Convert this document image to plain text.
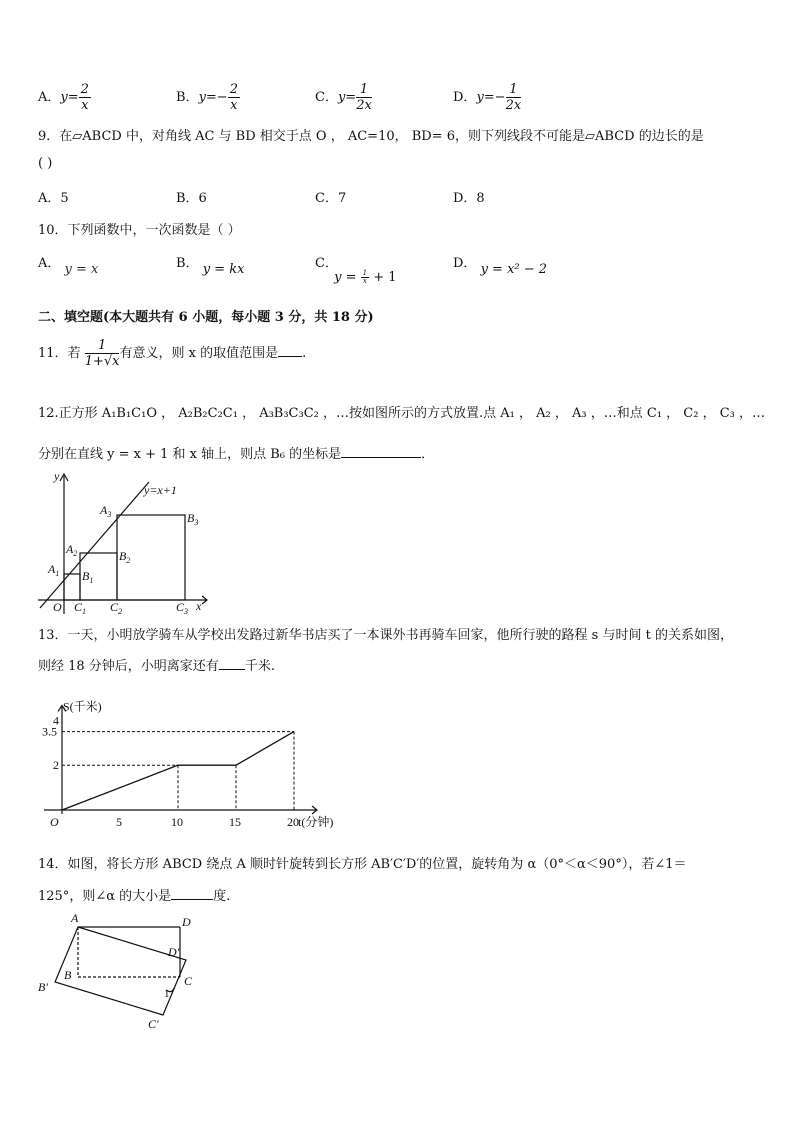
A．$y= \frac{2}{x}$	B．$y=- \frac{2}{x}$	C．$y= \frac{1}{2x}$	D．$y=- \frac{1}{2x}$
9．在▱ABCD 中，对角线 AC 与 BD 相交于点 O ， AC=10， BD= 6，则下列线段不可能是▱ABCD 的边长的是
( )
A．5	B．6	C．7	D．8
10．下列函数中，一次函数是（ ）
A． y = x	B． y = kx	C． $y = \frac{1}{x} + 1$
D． y = x² − 2
二、填空题(本大题共有 6 小题，每小题 3 分，共 18 分)
11．若 $\frac{1}{1+√x}$ 有意义，则 x 的取值范围是 .
12.正方形 A₁B₁C₁O ， A₂B₂C₂C₁ ， A₃B₃C₃C₂ ，…按如图所示的方式放置.点 A₁ ， A₂ ， A₃ ，…和点 C₁ ， C₂ ， C₃ ，…
分别在直线 y = x + 1 和 x 轴上，则点 B₆ 的坐标是	．
y
x
O
y=x+1
$A_1$
$A_2$
$A_3$
$B_1$
$B_2$
$B_3$
$C_1$ $C_2$	$C_3$
13．一天，小明放学骑车从学校出发路过新华书店买了一本课外书再骑车回家，他所行驶的路程 s 与时间 t 的关系如图，
则经 18 分钟后，小明离家还有 千米.
5	10	15	20
2
3.5
4
O
S(千米)
t(分钟)
14．如图，将长方形 ABCD 绕点 A 顺时针旋转到长方形 AB′C′D′的位置，旋转角为 α（0°＜α＜90°），若∠1＝
125°，则∠α 的大小是	度.
A	D
D′
B	C
B′
C′
1
